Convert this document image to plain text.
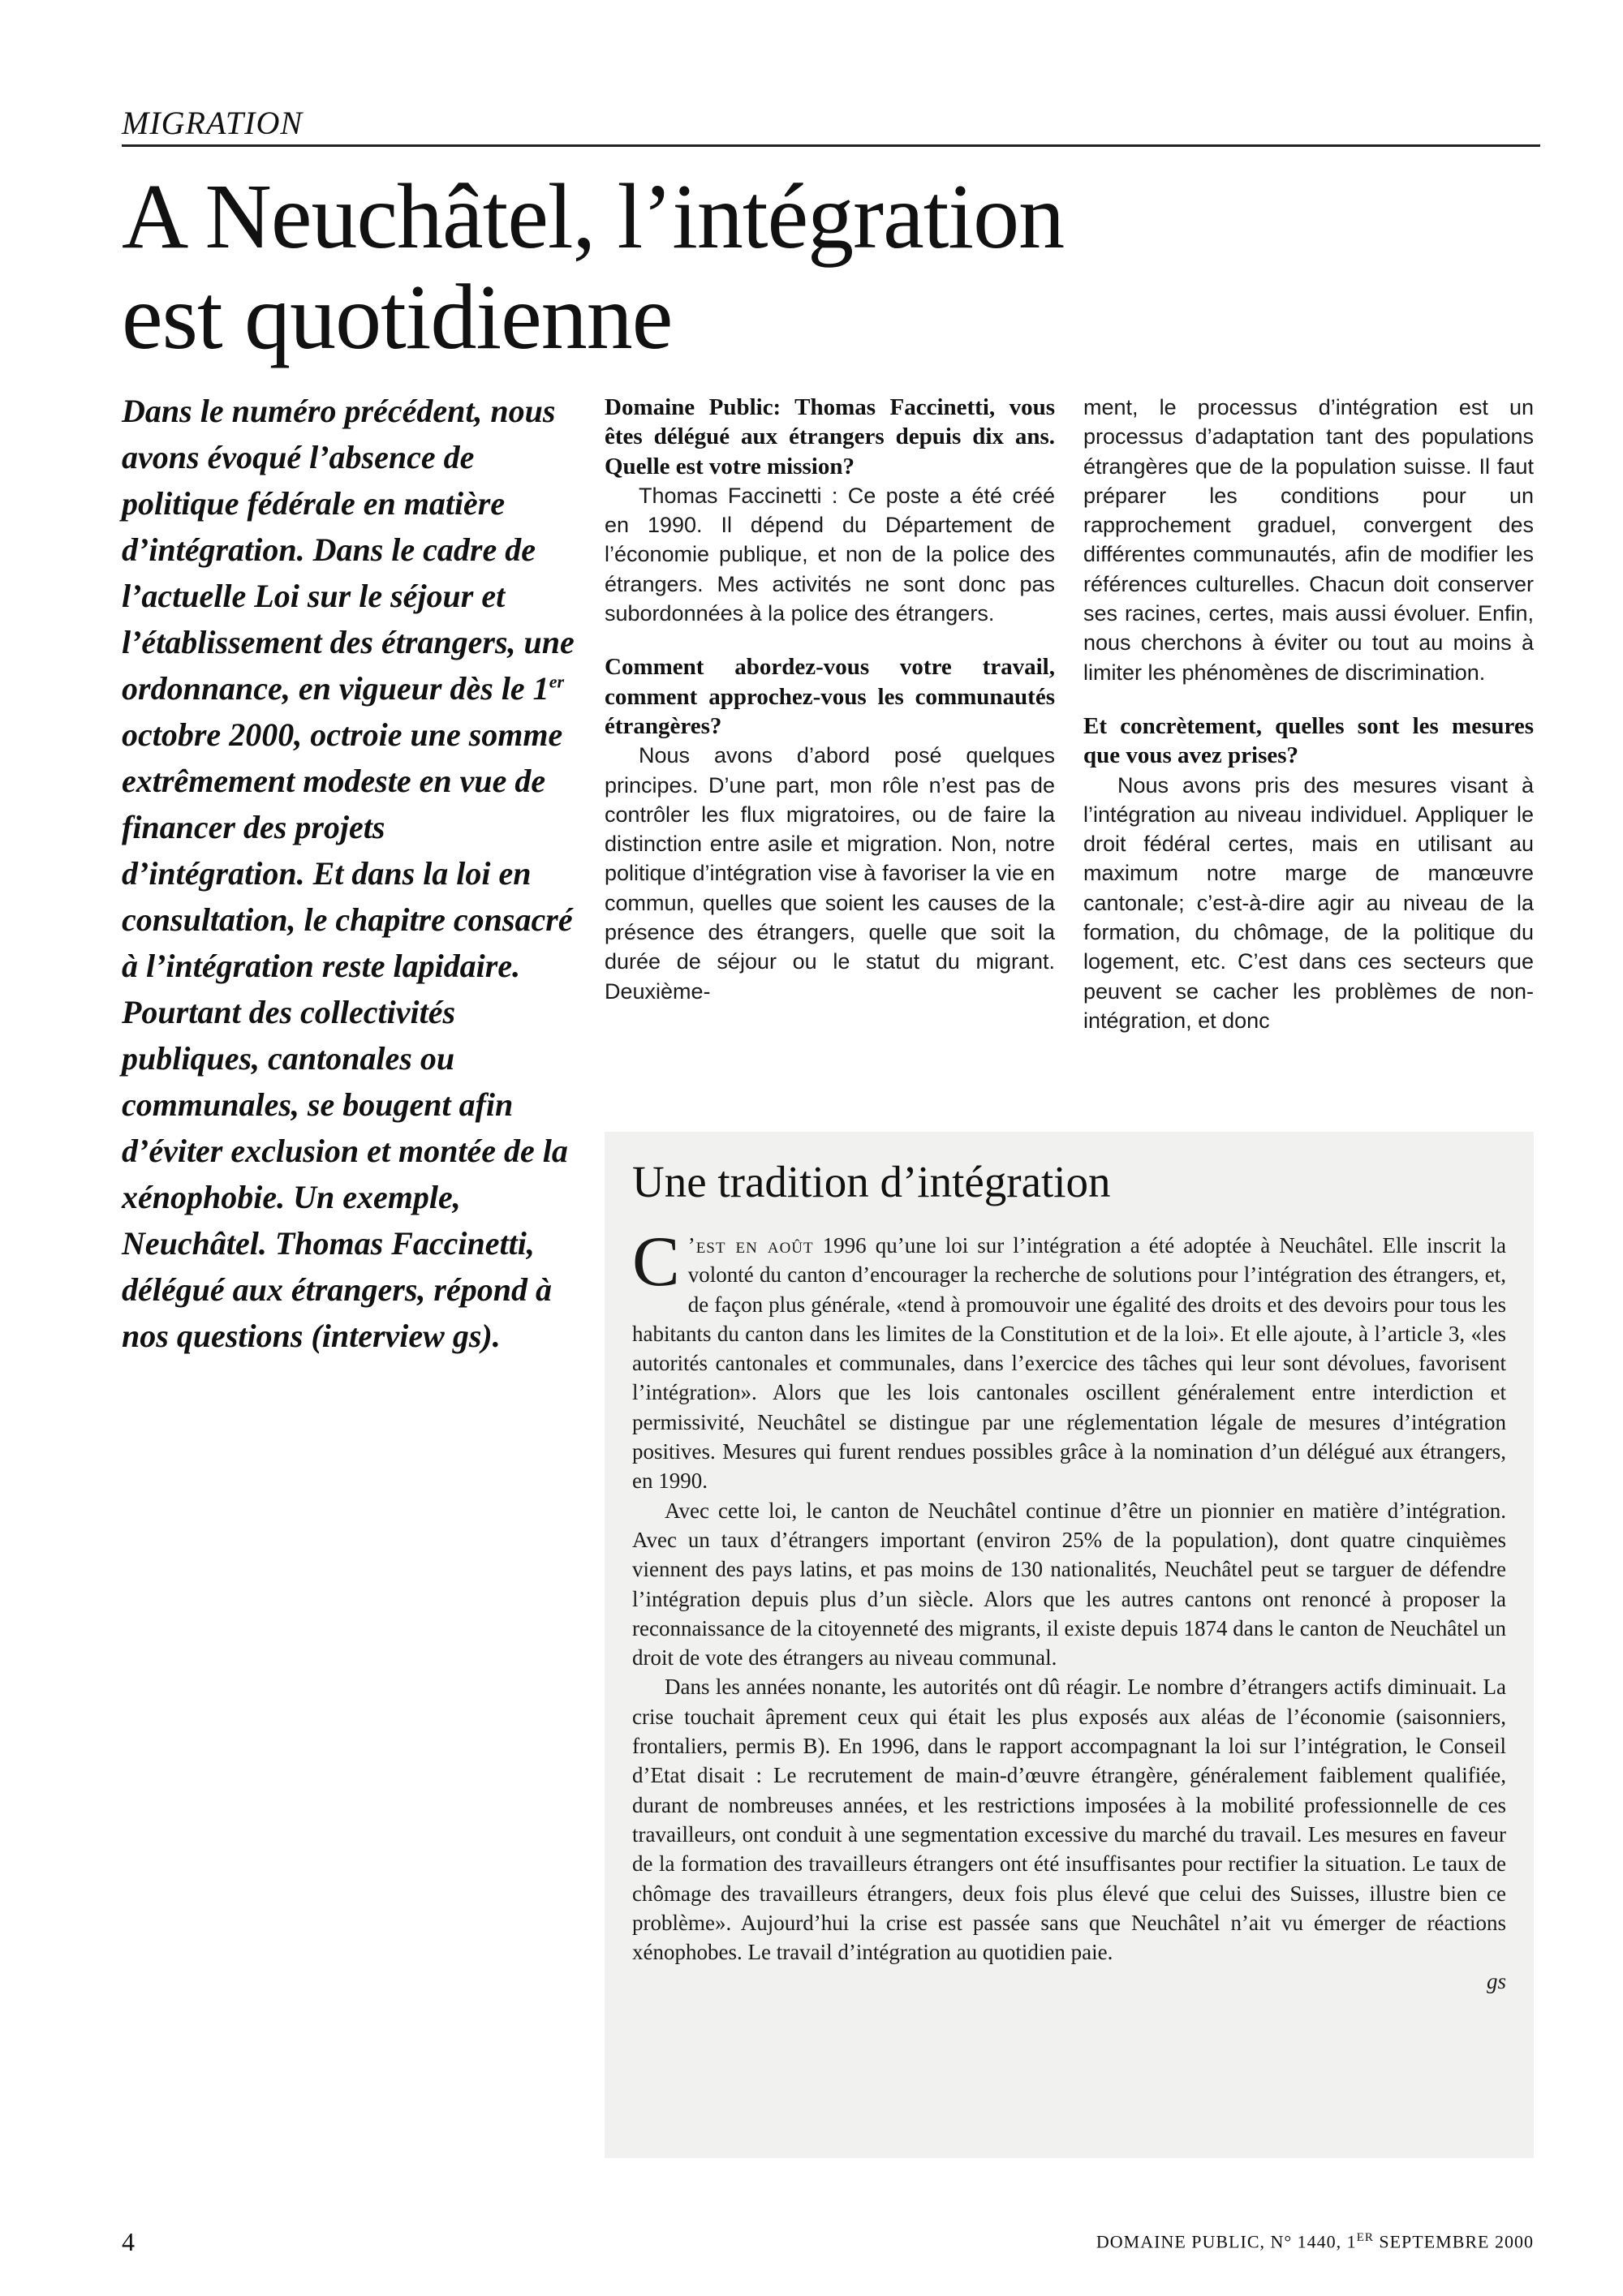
MIGRATION
A Neuchâtel, l’intégration
est quotidienne

Dans le numéro précédent, nous avons évoqué l’absence de politique fédérale en matière d’intégration. Dans le cadre de l’actuelle Loi sur le séjour et l’établissement des étrangers, une ordonnance, en vigueur dès le 1er octobre 2000, octroie une somme extrêmement modeste en vue de financer des projets d’intégration. Et dans la loi en consultation, le chapitre consacré à l’intégration reste lapidaire. Pourtant des collectivités publiques, cantonales ou communales, se bougent afin d’éviter exclusion et montée de la xénophobie. Un exemple, Neuchâtel. Thomas Faccinetti, délégué aux étrangers, répond à nos questions (interview gs).

Domaine Public: Thomas Faccinetti, vous êtes délégué aux étrangers depuis dix ans. Quelle est votre mission?

Thomas Faccinetti : Ce poste a été créé en 1990. Il dépend du Département de l’économie publique, et non de la police des étrangers. Mes activités ne sont donc pas subordonnées à la police des étrangers.

Comment abordez-vous votre travail, comment approchez-vous les communautés étrangères?

Nous avons d’abord posé quelques principes. D’une part, mon rôle n’est pas de contrôler les flux migratoires, ou de faire la distinction entre asile et migration. Non, notre politique d’intégration vise à favoriser la vie en commun, quelles que soient les causes de la présence des étrangers, quelle que soit la durée de séjour ou le statut du migrant. Deuxième-

ment, le processus d’intégration est un processus d’adaptation tant des populations étrangères que de la population suisse. Il faut préparer les conditions pour un rapprochement graduel, convergent des différentes communautés, afin de modifier les références culturelles. Chacun doit conserver ses racines, certes, mais aussi évoluer. Enfin, nous cherchons à éviter ou tout au moins à limiter les phénomènes de discrimination.

Et concrètement, quelles sont les mesures que vous avez prises?

Nous avons pris des mesures visant à l’intégration au niveau individuel. Appliquer le droit fédéral certes, mais en utilisant au maximum notre marge de manœuvre cantonale; c’est-à-dire agir au niveau de la formation, du chômage, de la politique du logement, etc. C’est dans ces secteurs que peuvent se cacher les problèmes de non-intégration, et donc

Une tradition d’intégration

C ’est en août 1996 qu’une loi sur l’intégration a été adoptée à Neuchâtel. Elle inscrit la volonté du canton d’encourager la recherche de solutions pour l’intégration des étrangers, et, de façon plus générale, «tend à promouvoir une égalité des droits et des devoirs pour tous les habitants du canton dans les limites de la Constitution et de la loi». Et elle ajoute, à l’article 3, «les autorités cantonales et communales, dans l’exercice des tâches qui leur sont dévolues, favorisent l’intégration». Alors que les lois cantonales oscillent généralement entre interdiction et permissivité, Neuchâtel se distingue par une réglementation légale de mesures d’intégration positives. Mesures qui furent rendues possibles grâce à la nomination d’un délégué aux étrangers, en 1990.

Avec cette loi, le canton de Neuchâtel continue d’être un pionnier en matière d’intégration. Avec un taux d’étrangers important (environ 25% de la population), dont quatre cinquièmes viennent des pays latins, et pas moins de 130 nationalités, Neuchâtel peut se targuer de défendre l’intégration depuis plus d’un siècle. Alors que les autres cantons ont renoncé à proposer la reconnaissance de la citoyenneté des migrants, il existe depuis 1874 dans le canton de Neuchâtel un droit de vote des étrangers au niveau communal.

Dans les années nonante, les autorités ont dû réagir. Le nombre d’étrangers actifs diminuait. La crise touchait âprement ceux qui était les plus exposés aux aléas de l’économie (saisonniers, frontaliers, permis B). En 1996, dans le rapport accompagnant la loi sur l’intégration, le Conseil d’Etat disait : Le recrutement de main-d’œuvre étrangère, généralement faiblement qualifiée, durant de nombreuses années, et les restrictions imposées à la mobilité professionnelle de ces travailleurs, ont conduit à une segmentation excessive du marché du travail. Les mesures en faveur de la formation des travailleurs étrangers ont été insuffisantes pour rectifier la situation. Le taux de chômage des travailleurs étrangers, deux fois plus élevé que celui des Suisses, illustre bien ce problème». Aujourd’hui la crise est passée sans que Neuchâtel n’ait vu émerger de réactions xénophobes. Le travail d’intégration au quotidien paie.

gs

4	DOMAINE PUBLIC, N° 1440, 1ER SEPTEMBRE 2000
